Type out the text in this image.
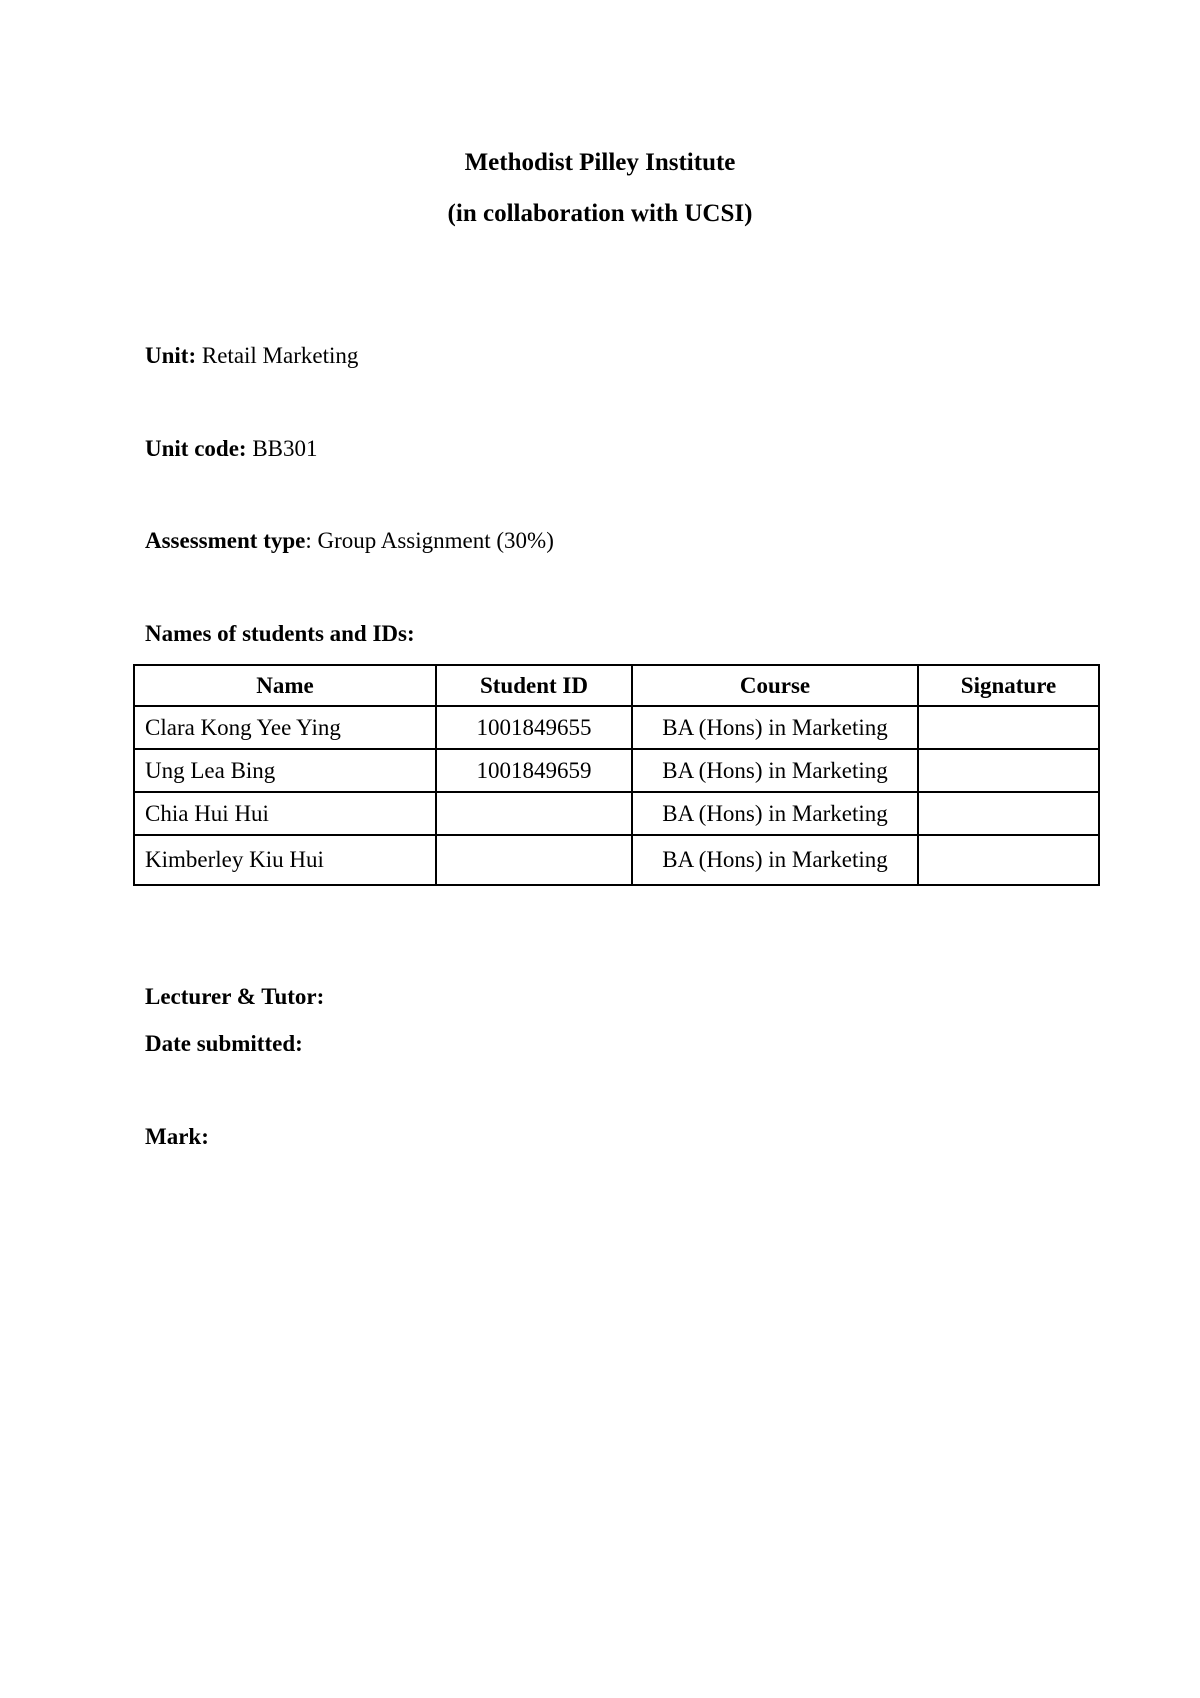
Methodist Pilley Institute
(in collaboration with UCSI)
Unit: Retail Marketing
Unit code: BB301
Assessment type: Group Assignment (30%)
Names of students and IDs:
Name	Student ID	Course	Signature
Clara Kong Yee Ying	1001849655	BA (Hons) in Marketing	
Ung Lea Bing	1001849659	BA (Hons) in Marketing	
Chia Hui Hui		BA (Hons) in Marketing	
Kimberley Kiu Hui		BA (Hons) in Marketing	
Lecturer & Tutor:
Date submitted:
Mark:
